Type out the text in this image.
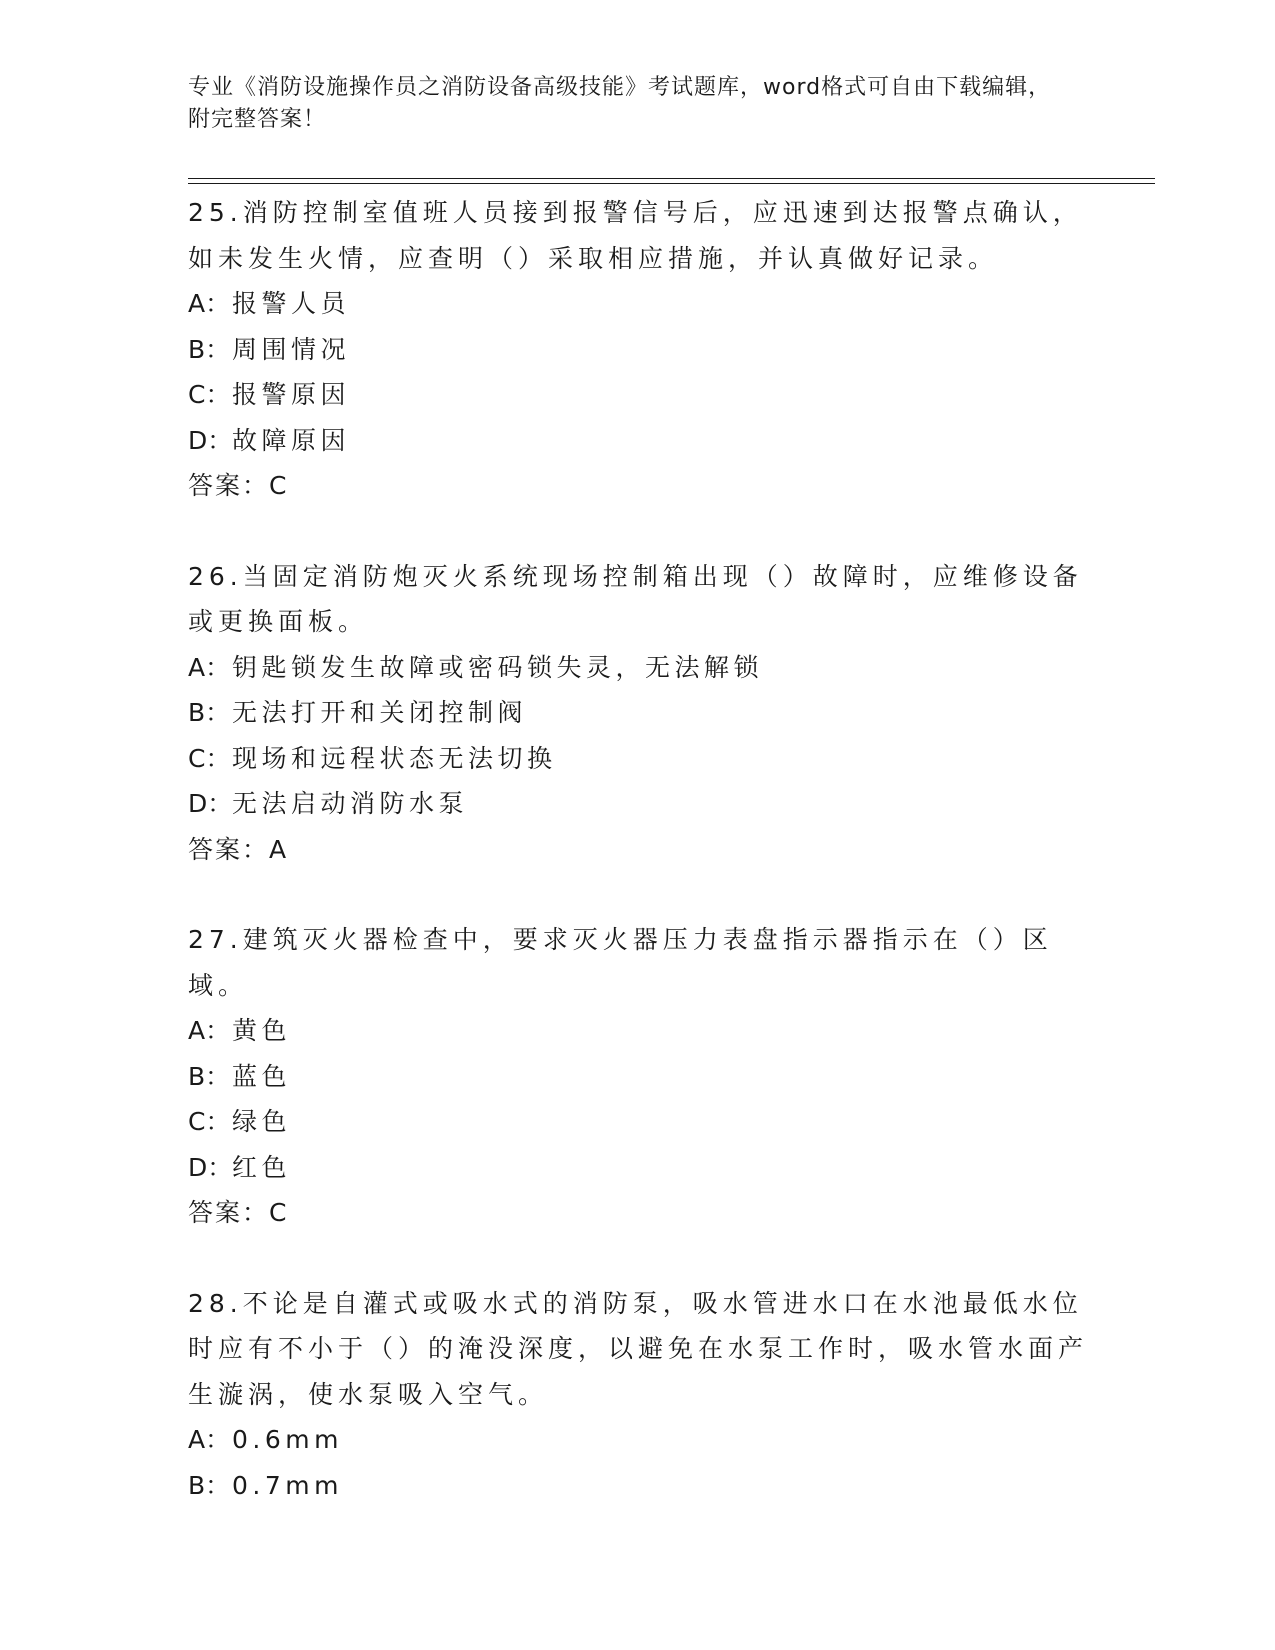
专业《消防设施操作员之消防设备高级技能》考试题库，word格式可自由下载编辑，附完整答案！

25.消防控制室值班人员接到报警信号后，应迅速到达报警点确认，如未发生火情，应查明（）采取相应措施，并认真做好记录。

A：报警人员

B：周围情况

C：报警原因

D：故障原因

答案：C

26.当固定消防炮灭火系统现场控制箱出现（）故障时，应维修设备或更换面板。

A：钥匙锁发生故障或密码锁失灵，无法解锁

B：无法打开和关闭控制阀

C：现场和远程状态无法切换

D：无法启动消防水泵

答案：A

27.建筑灭火器检查中，要求灭火器压力表盘指示器指示在（）区域。

A：黄色

B：蓝色

C：绿色

D：红色

答案：C

28.不论是自灌式或吸水式的消防泵，吸水管进水口在水池最低水位时应有不小于（）的淹没深度，以避免在水泵工作时，吸水管水面产生漩涡，使水泵吸入空气。

A：0.6mm

B：0.7mm
